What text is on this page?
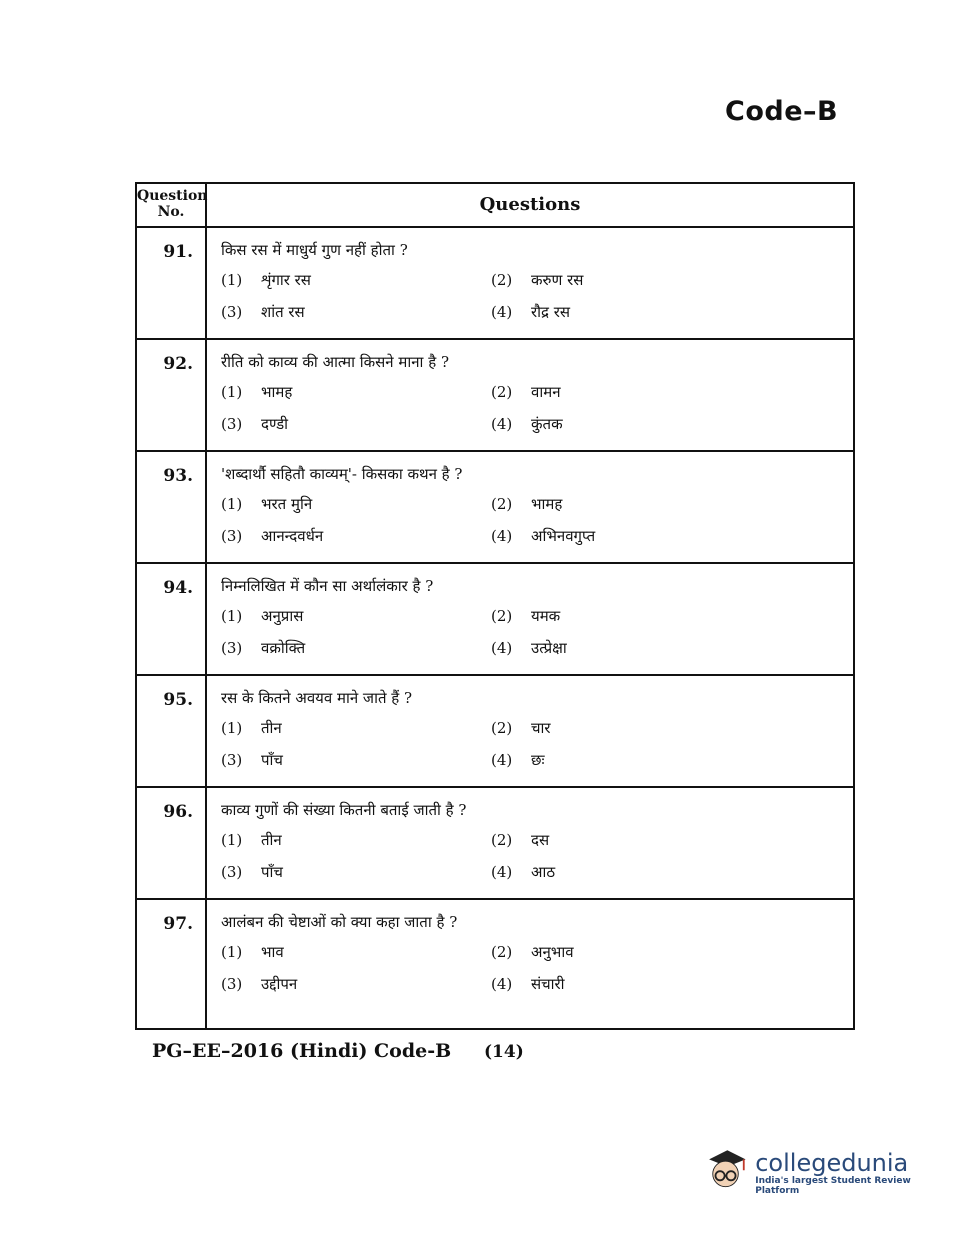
Code–B
Question No.	Questions
91.	किस रस में माधुर्य गुण नहीं होता ?
(1) शृंगार रस	(2) करुण रस
(3) शांत रस	(4) रौद्र रस
92.	रीति को काव्य की आत्मा किसने माना है ?
(1) भामह	(2) वामन
(3) दण्डी	(4) कुंतक
93.	'शब्दार्थौ सहितौ काव्यम्'- किसका कथन है ?
(1) भरत मुनि	(2) भामह
(3) आनन्दवर्धन	(4) अभिनवगुप्त
94.	निम्नलिखित में कौन सा अर्थालंकार है ?
(1) अनुप्रास	(2) यमक
(3) वक्रोक्ति	(4) उत्प्रेक्षा
95.	रस के कितने अवयव माने जाते हैं ?
(1) तीन	(2) चार
(3) पाँच	(4) छः
96.	काव्य गुणों की संख्या कितनी बताई जाती है ?
(1) तीन	(2) दस
(3) पाँच	(4) आठ
97.	आलंबन की चेष्टाओं को क्या कहा जाता है ?
(1) भाव	(2) अनुभाव
(3) उद्दीपन	(4) संचारी
PG–EE–2016 (Hindi) Code-B (14)
collegedunia
India's largest Student Review Platform
